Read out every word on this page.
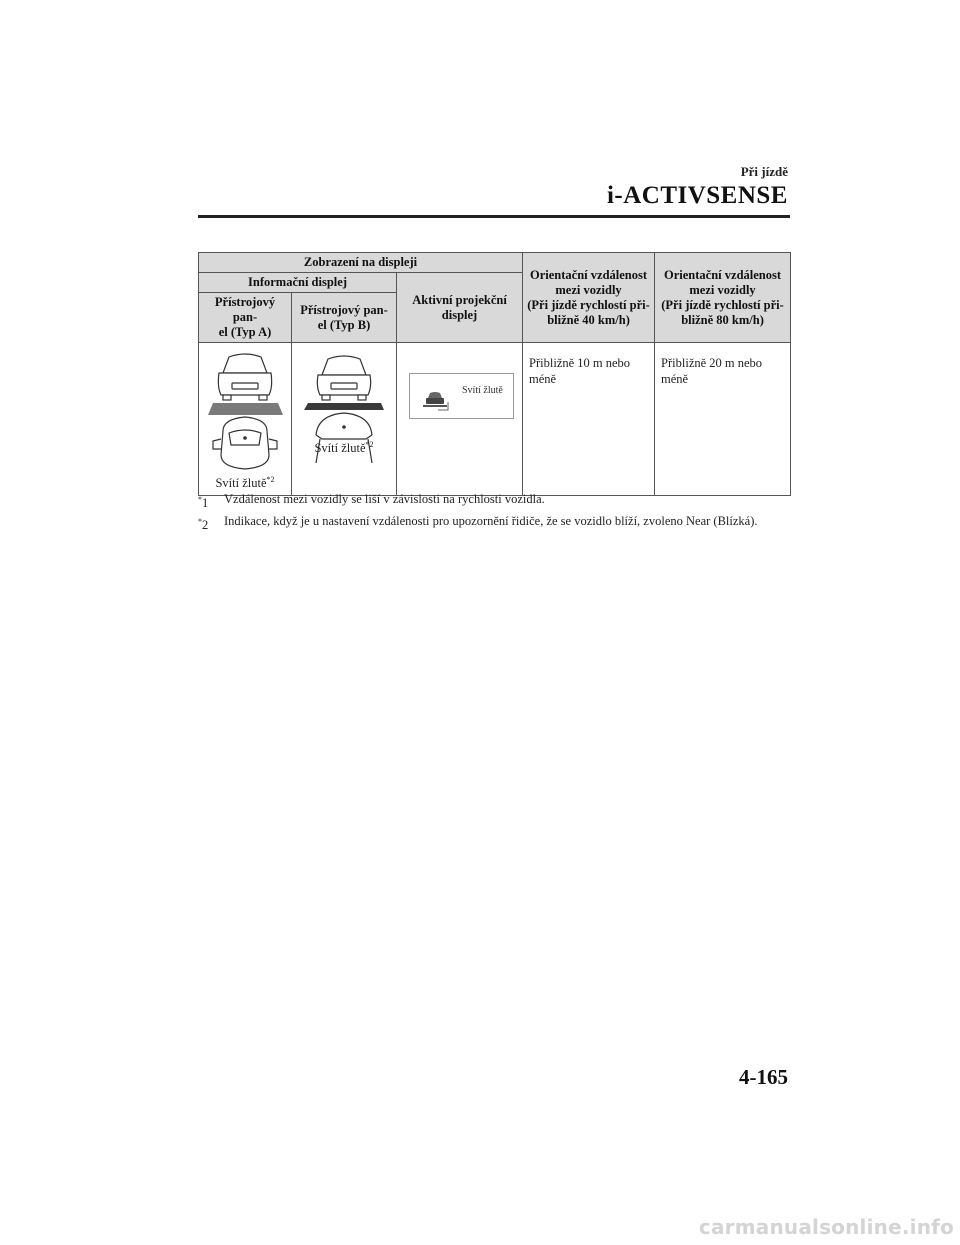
Při jízdě
i-ACTIVSENSE
Zobrazení na displeji			Orientační vzdálenost
mezi vozidly
(Při jízdě rychlostí při-
bližně 40 km/h)	Orientační vzdálenost
mezi vozidly
(Při jízdě rychlostí při-
bližně 80 km/h)
Informační displej		Aktivní projekční
displej		
Přístrojový pan-
el (Typ A)	Přístrojový pan-
el (Typ B)			

Svítí žlutě$^{*2}$	Svítí žlutě$^{*2}$	Svítí žlutě	Přibližně 10 m nebo
méně	Přibližně 20 m nebo
méně
*1	Vzdálenost mezi vozidly se liší v závislosti na rychlosti vozidla.
*2	Indikace, když je u nastavení vzdálenosti pro upozornění řidiče, že se vozidlo blíží, zvoleno Near (Blízká).
4-165
carmanualsonline.info
